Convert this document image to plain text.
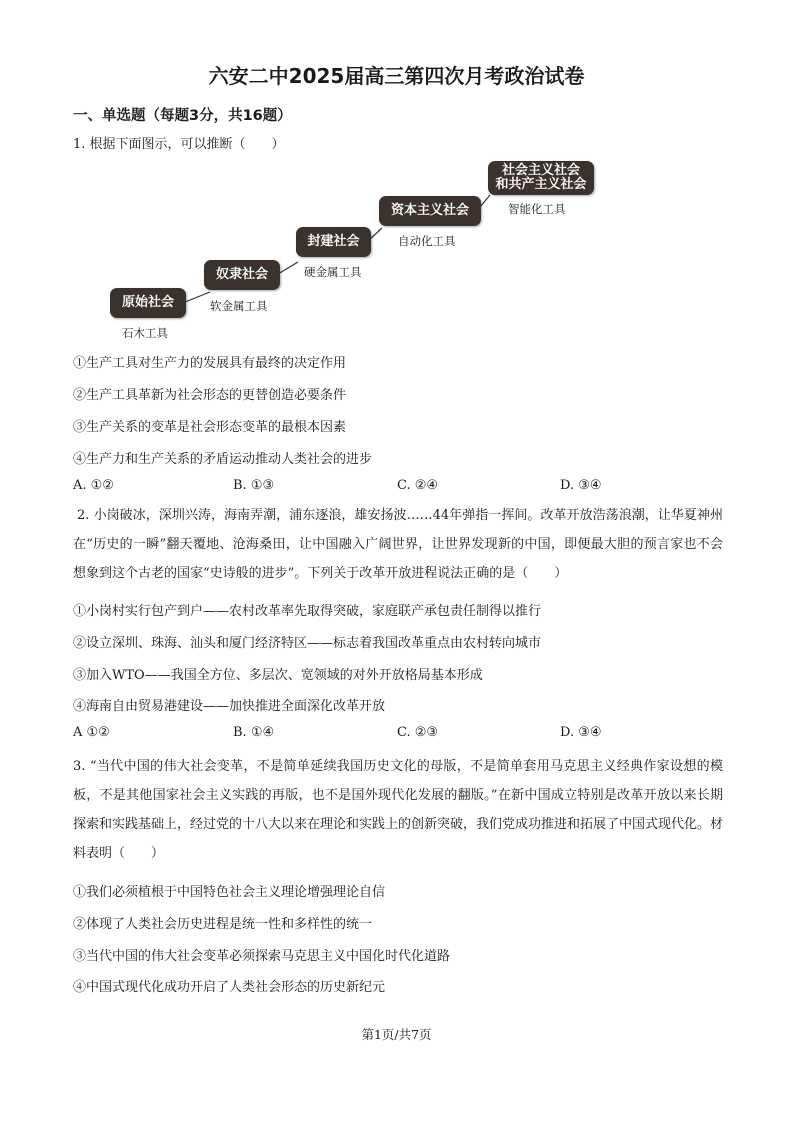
六安二中2025届高三第四次月考政治试卷
一、单选题（每题3分，共16题）
1. 根据下面图示，可以推断（　　）
原始社会
石木工具
奴隶社会
软金属工具
封建社会
硬金属工具
资本主义社会
自动化工具
社会主义社会
和共产主义社会
智能化工具
①生产工具对生产力的发展具有最终的决定作用
②生产工具革新为社会形态的更替创造必要条件
③生产关系的变革是社会形态变革的最根本因素
④生产力和生产关系的矛盾运动推动人类社会的进步
A. ①②	B. ①③	C. ②④	D. ③④
2. 小岗破冰，深圳兴涛，海南弄潮，浦东逐浪，雄安扬波……44年弹指一挥间。改革开放浩荡浪潮，让华夏神州在“历史的一瞬”翻天覆地、沧海桑田，让中国融入广阔世界，让世界发现新的中国，即便最大胆的预言家也不会想象到这个古老的国家“史诗般的进步”。下列关于改革开放进程说法正确的是（　　）
①小岗村实行包产到户——农村改革率先取得突破，家庭联产承包责任制得以推行
②设立深圳、珠海、汕头和厦门经济特区——标志着我国改革重点由农村转向城市
③加入WTO——我国全方位、多层次、宽领域的对外开放格局基本形成
④海南自由贸易港建设——加快推进全面深化改革开放
A ①②	B. ①④	C. ②③	D. ③④
3. “当代中国的伟大社会变革，不是简单延续我国历史文化的母版，不是简单套用马克思主义经典作家设想的模板，不是其他国家社会主义实践的再版，也不是国外现代化发展的翻版。”在新中国成立特别是改革开放以来长期探索和实践基础上，经过党的十八大以来在理论和实践上的创新突破，我们党成功推进和拓展了中国式现代化。材料表明（　　）
①我们必须植根于中国特色社会主义理论增强理论自信
②体现了人类社会历史进程是统一性和多样性的统一
③当代中国的伟大社会变革必须探索马克思主义中国化时代化道路
④中国式现代化成功开启了人类社会形态的历史新纪元
第1页/共7页
